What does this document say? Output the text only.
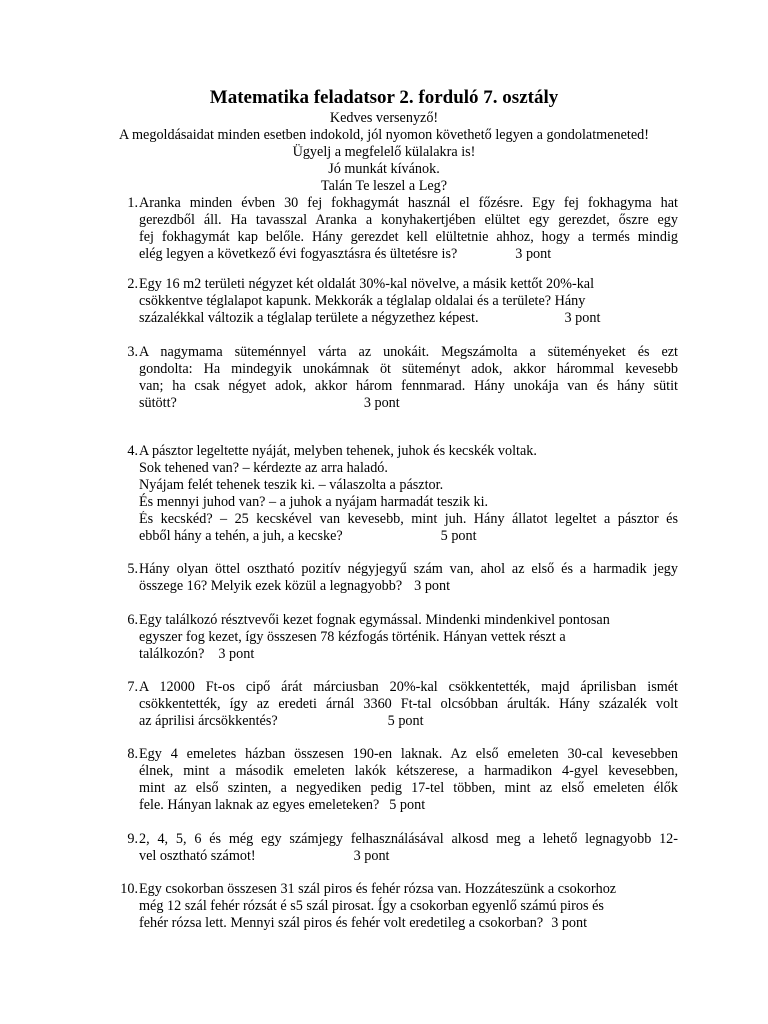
Matematika feladatsor 2. forduló 7. osztály
Kedves versenyző!
A megoldásaidat minden esetben indokold, jól nyomon követhető legyen a gondolatmeneted!
Ügyelj a megfelelő külalakra is!
Jó munkát kívánok.
Talán Te leszel a Leg?
1. Aranka minden évben 30 fej fokhagymát használ el főzésre. Egy fej fokhagyma hat
gerezdből áll. Ha tavasszal Aranka a konyhakertjében elültet egy gerezdet, őszre egy
fej fokhagymát kap belőle. Hány gerezdet kell elültetnie ahhoz, hogy a termés mindig
elég legyen a következő évi fogyasztásra és ültetésre is?	3 pont
2. Egy 16 m2 területi négyzet két oldalát 30%-kal növelve, a másik kettőt 20%-kal
csökkentve téglalapot kapunk. Mekkorák a téglalap oldalai és a területe? Hány
százalékkal változik a téglalap területe a négyzethez képest.	3 pont
3. A nagymama süteménnyel várta az unokáit. Megszámolta a süteményeket és ezt
gondolta: Ha mindegyik unokámnak öt süteményt adok, akkor hárommal kevesebb
van; ha csak négyet adok, akkor három fennmarad. Hány unokája van és hány sütit
sütött?	3 pont
4. A pásztor legeltette nyáját, melyben tehenek, juhok és kecskék voltak.
Sok tehened van? – kérdezte az arra haladó.
Nyájam felét tehenek teszik ki. – válaszolta a pásztor.
És mennyi juhod van? – a juhok a nyájam harmadát teszik ki.
És kecskéd? – 25 kecskével van kevesebb, mint juh. Hány állatot legeltet a pásztor és
ebből hány a tehén, a juh, a kecske?	5 pont
5. Hány olyan öttel osztható pozitív négyjegyű szám van, ahol az első és a harmadik jegy
összege 16? Melyik ezek közül a legnagyobb? 3 pont
6. Egy találkozó résztvevői kezet fognak egymással. Mindenki mindenkivel pontosan
egyszer fog kezet, így összesen 78 kézfogás történik. Hányan vettek részt a
találkozón? 3 pont
7. A 12000 Ft-os cipő árát márciusban 20%-kal csökkentették, majd áprilisban ismét
csökkentették, így az eredeti árnál 3360 Ft-tal olcsóbban árulták. Hány százalék volt
az áprilisi árcsökkentés?	5 pont
8. Egy 4 emeletes házban összesen 190-en laknak. Az első emeleten 30-cal kevesebben
élnek, mint a második emeleten lakók kétszerese, a harmadikon 4-gyel kevesebben,
mint az első szinten, a negyediken pedig 17-tel többen, mint az első emeleten élők
fele. Hányan laknak az egyes emeleteken? 5 pont
9. 2, 4, 5, 6 és még egy számjegy felhasználásával alkosd meg a lehető legnagyobb 12-
vel osztható számot!	3 pont
10. Egy csokorban összesen 31 szál piros és fehér rózsa van. Hozzáteszünk a csokorhoz
még 12 szál fehér rózsát é s5 szál pirosat. Így a csokorban egyenlő számú piros és
fehér rózsa lett. Mennyi szál piros és fehér volt eredetileg a csokorban? 3 pont
